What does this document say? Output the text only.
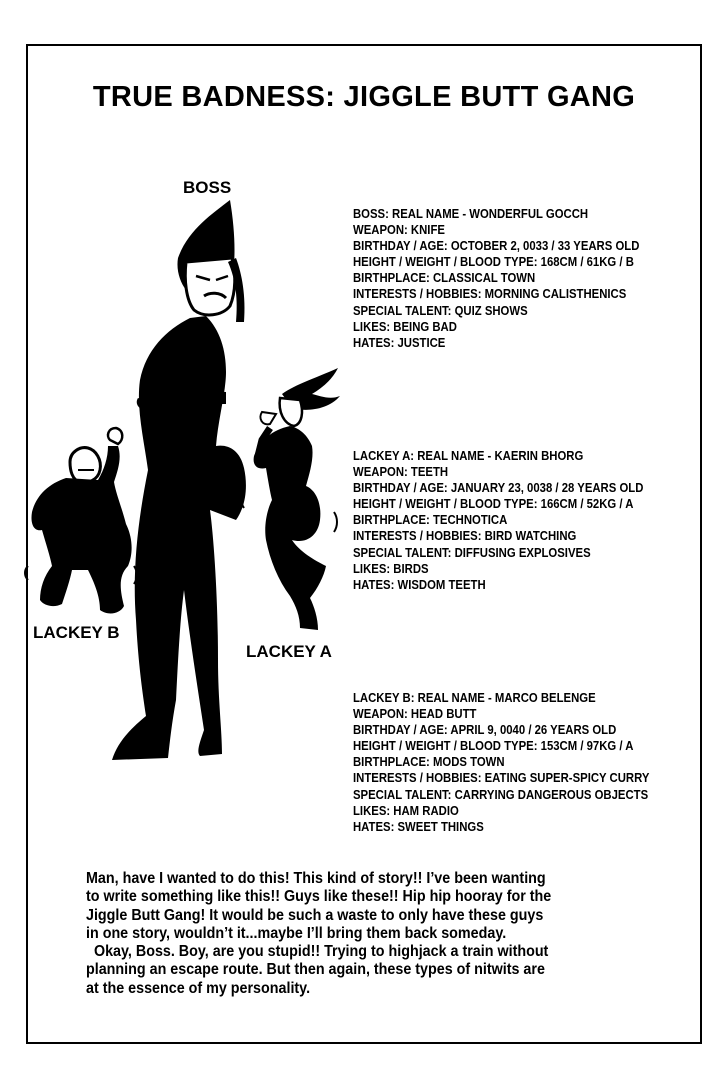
TRUE BADNESS: JIGGLE BUTT GANG
BOSS
LACKEY A
LACKEY B
BOSS: REAL NAME - WONDERFUL GOCCH
WEAPON: KNIFE
BIRTHDAY / AGE: OCTOBER 2, 0033 / 33 YEARS OLD
HEIGHT / WEIGHT / BLOOD TYPE: 168CM / 61KG / B
BIRTHPLACE: CLASSICAL TOWN
INTERESTS / HOBBIES: MORNING CALISTHENICS
SPECIAL TALENT: QUIZ SHOWS
LIKES: BEING BAD
HATES: JUSTICE
LACKEY A: REAL NAME - KAERIN BHORG
WEAPON: TEETH
BIRTHDAY / AGE: JANUARY 23, 0038 / 28 YEARS OLD
HEIGHT / WEIGHT / BLOOD TYPE: 166CM / 52KG / A
BIRTHPLACE: TECHNOTICA
INTERESTS / HOBBIES: BIRD WATCHING
SPECIAL TALENT: DIFFUSING EXPLOSIVES
LIKES: BIRDS
HATES: WISDOM TEETH
LACKEY B: REAL NAME - MARCO BELENGE
WEAPON: HEAD BUTT
BIRTHDAY / AGE: APRIL 9, 0040 / 26 YEARS OLD
HEIGHT / WEIGHT / BLOOD TYPE: 153CM / 97KG / A
BIRTHPLACE: MODS TOWN
INTERESTS / HOBBIES: EATING SUPER-SPICY CURRY
SPECIAL TALENT: CARRYING DANGEROUS OBJECTS
LIKES: HAM RADIO
HATES: SWEET THINGS

Man, have I wanted to do this! This kind of story!! I’ve been wanting

to write something like this!! Guys like these!! Hip hip hooray for the

Jiggle Butt Gang! It would be such a waste to only have these guys

in one story, wouldn’t it...maybe I’ll bring them back someday.

Okay, Boss. Boy, are you stupid!! Trying to highjack a train without

planning an escape route. But then again, these types of nitwits are

at the essence of my personality.
